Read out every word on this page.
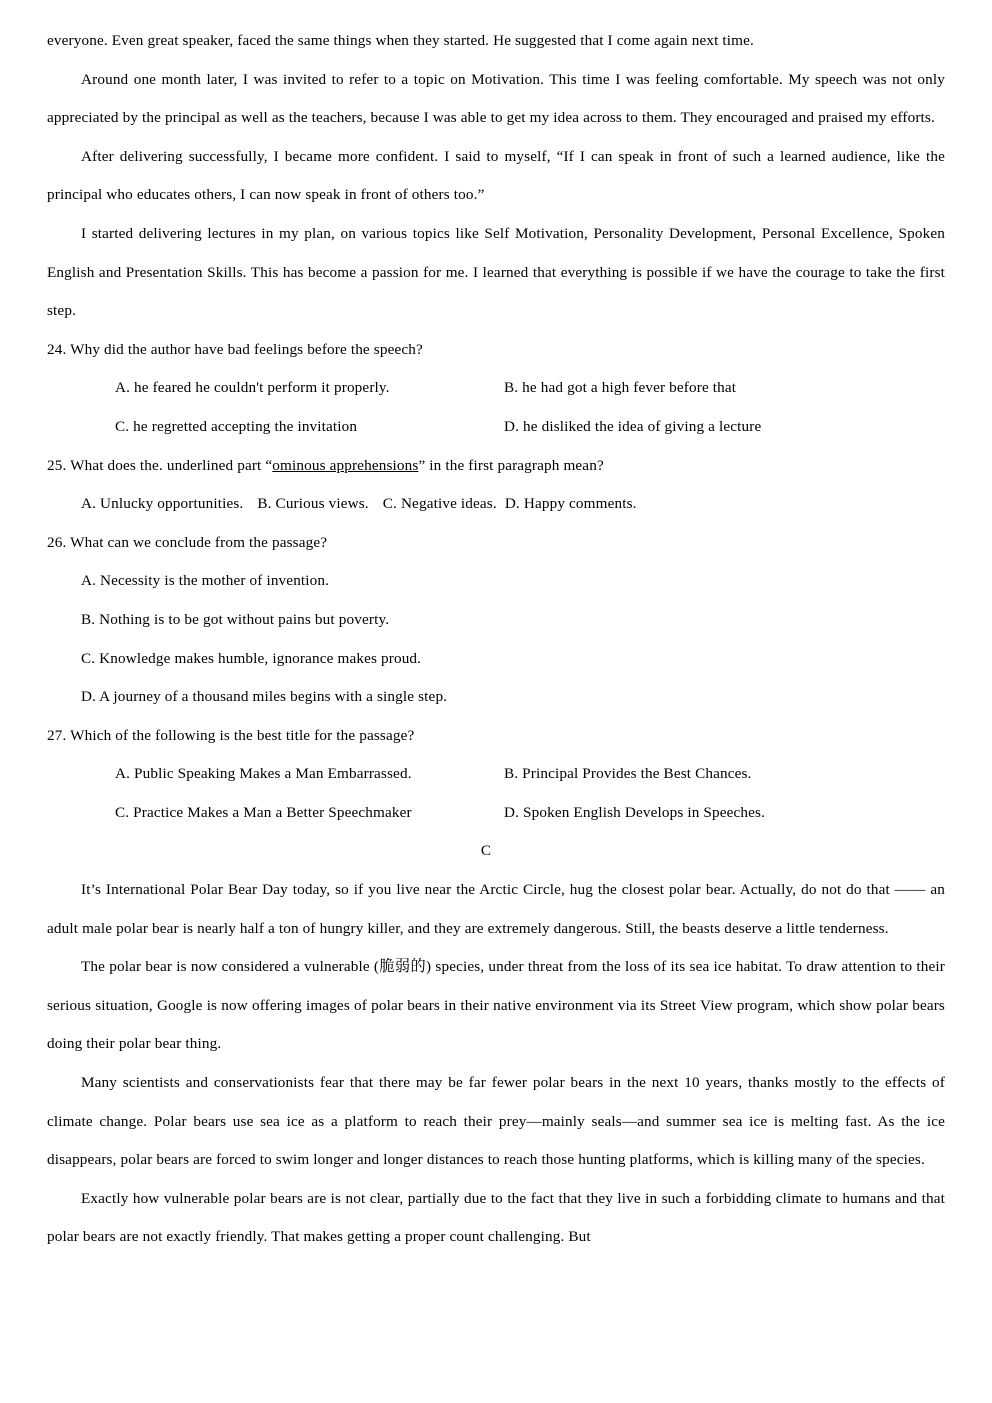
everyone. Even great speaker, faced the same things when they started. He suggested that I come again next time.

Around one month later, I was invited to refer to a topic on Motivation. This time I was feeling comfortable. My speech was not only appreciated by the principal as well as the teachers, because I was able to get my idea across to them. They encouraged and praised my efforts.

After delivering successfully, I became more confident. I said to myself, “If I can speak in front of such a learned audience, like the principal who educates others, I can now speak in front of others too.”

I started delivering lectures in my plan, on various topics like Self Motivation, Personality Development, Personal Excellence, Spoken English and Presentation Skills. This has become a passion for me. I learned that everything is possible if we have the courage to take the first step.

24. Why did the author have bad feelings before the speech?

A. he feared he couldn't perform it properly.	B. he had got a high fever before that
C. he regretted accepting the invitation	D. he disliked the idea of giving a lecture

25. What does the. underlined part “ominous apprehensions” in the first paragraph mean?

A. Unlucky opportunities. B. Curious views. C. Negative ideas. D. Happy comments.

26. What can we conclude from the passage?

A. Necessity is the mother of invention.

B. Nothing is to be got without pains but poverty.

C. Knowledge makes humble, ignorance makes proud.

D. A journey of a thousand miles begins with a single step.

27. Which of the following is the best title for the passage?

A. Public Speaking Makes a Man Embarrassed.	B. Principal Provides the Best Chances.
C. Practice Makes a Man a Better Speechmaker	D. Spoken English Develops in Speeches.

C

It’s International Polar Bear Day today, so if you live near the Arctic Circle, hug the closest polar bear. Actually, do not do that —— an adult male polar bear is nearly half a ton of hungry killer, and they are extremely dangerous. Still, the beasts deserve a little tenderness.

The polar bear is now considered a vulnerable (脆弱的) species, under threat from the loss of its sea ice habitat. To draw attention to their serious situation, Google is now offering images of polar bears in their native environment via its Street View program, which show polar bears doing their polar bear thing.

Many scientists and conservationists fear that there may be far fewer polar bears in the next 10 years, thanks mostly to the effects of climate change. Polar bears use sea ice as a platform to reach their prey—mainly seals—and summer sea ice is melting fast. As the ice disappears, polar bears are forced to swim longer and longer distances to reach those hunting platforms, which is killing many of the species.

Exactly how vulnerable polar bears are is not clear, partially due to the fact that they live in such a forbidding climate to humans and that polar bears are not exactly friendly. That makes getting a proper count challenging. But
